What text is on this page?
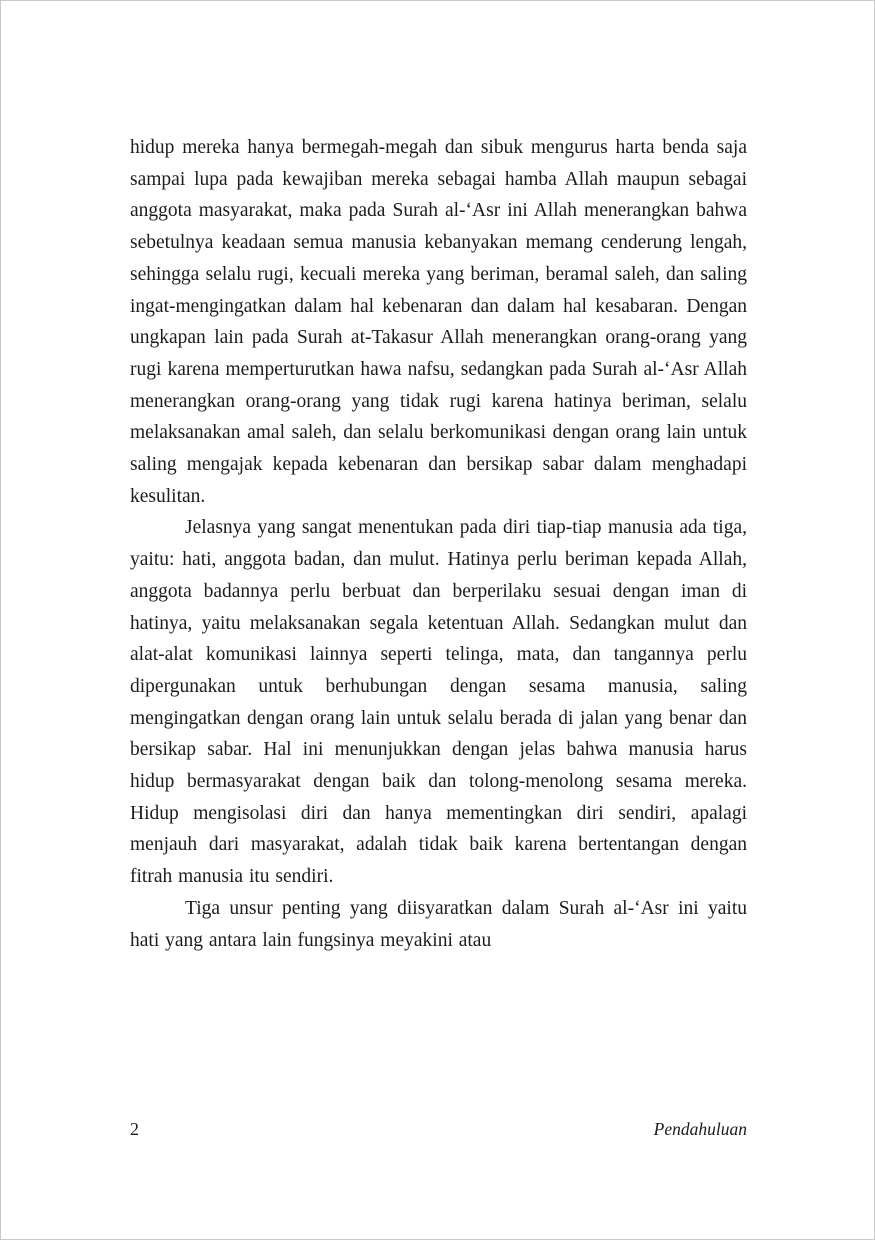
hidup mereka hanya bermegah-megah dan sibuk mengurus harta benda saja sampai lupa pada kewajiban mereka sebagai hamba Allah maupun sebagai anggota masyarakat, maka pada Surah al-‘Asr ini Allah menerangkan bahwa sebetulnya keadaan semua manusia kebanyakan memang cenderung lengah, sehingga selalu rugi, kecuali mereka yang beriman, beramal saleh, dan saling ingat-mengingatkan dalam hal kebenaran dan dalam hal kesabaran. Dengan ungkapan lain pada Surah at-Takasur Allah menerangkan orang-orang yang rugi karena memperturutkan hawa nafsu, sedangkan pada Surah al-‘Asr Allah menerangkan orang-orang yang tidak rugi karena hatinya beriman, selalu melaksanakan amal saleh, dan selalu berkomunikasi dengan orang lain untuk saling mengajak kepada kebenaran dan bersikap sabar dalam menghadapi kesulitan.

Jelasnya yang sangat menentukan pada diri tiap-tiap manusia ada tiga, yaitu: hati, anggota badan, dan mulut. Hatinya perlu beriman kepada Allah, anggota badannya perlu berbuat dan berperilaku sesuai dengan iman di hatinya, yaitu melaksanakan segala ketentuan Allah. Sedangkan mulut dan alat-alat komunikasi lainnya seperti telinga, mata, dan tangannya perlu dipergunakan untuk berhubungan dengan sesama manusia, saling mengingatkan dengan orang lain untuk selalu berada di jalan yang benar dan bersikap sabar. Hal ini menunjukkan dengan jelas bahwa manusia harus hidup bermasyarakat dengan baik dan tolong-menolong sesama mereka. Hidup mengisolasi diri dan hanya mementingkan diri sendiri, apalagi menjauh dari masyarakat, adalah tidak baik karena bertentangan dengan fitrah manusia itu sendiri.

Tiga unsur penting yang diisyaratkan dalam Surah al-‘Asr ini yaitu hati yang antara lain fungsinya meyakini atau

2	Pendahuluan
